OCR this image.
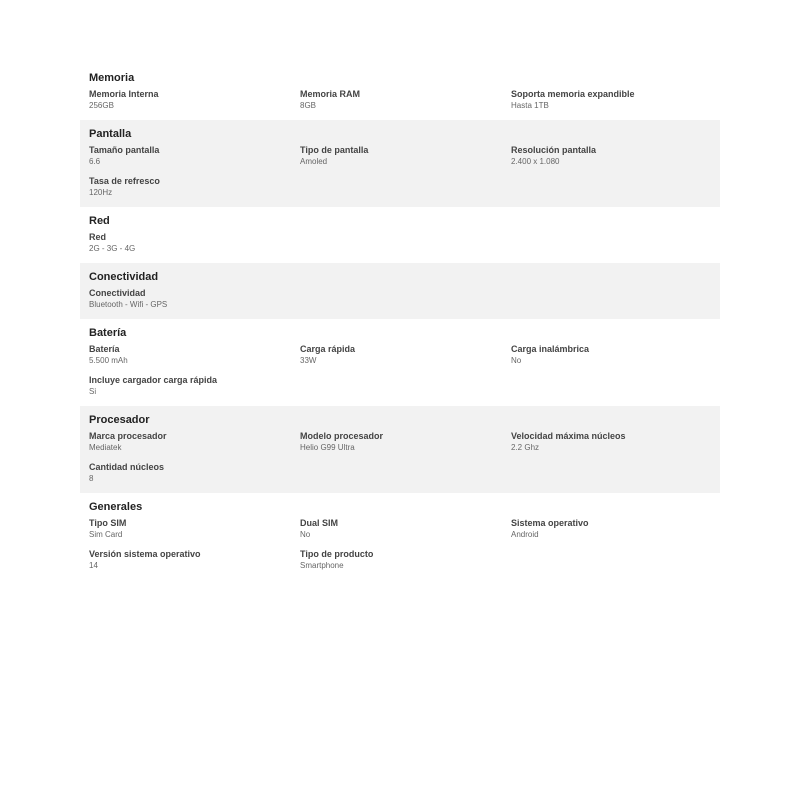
Memoria
Memoria Interna
256GB
Memoria RAM
8GB
Soporta memoria expandible
Hasta 1TB
Pantalla
Tamaño pantalla
6.6
Tipo de pantalla
Amoled
Resolución pantalla
2.400 x 1.080
Tasa de refresco
120Hz
Red
Red
2G - 3G - 4G
Conectividad
Conectividad
Bluetooth - Wifi - GPS
Batería
Batería
5.500 mAh
Carga rápida
33W
Carga inalámbrica
No
Incluye cargador carga rápida
Si
Procesador
Marca procesador
Mediatek
Modelo procesador
Helio G99 Ultra
Velocidad máxima núcleos
2.2 Ghz
Cantidad núcleos
8
Generales
Tipo SIM
Sim Card
Dual SIM
No
Sistema operativo
Android
Versión sistema operativo
14
Tipo de producto
Smartphone
